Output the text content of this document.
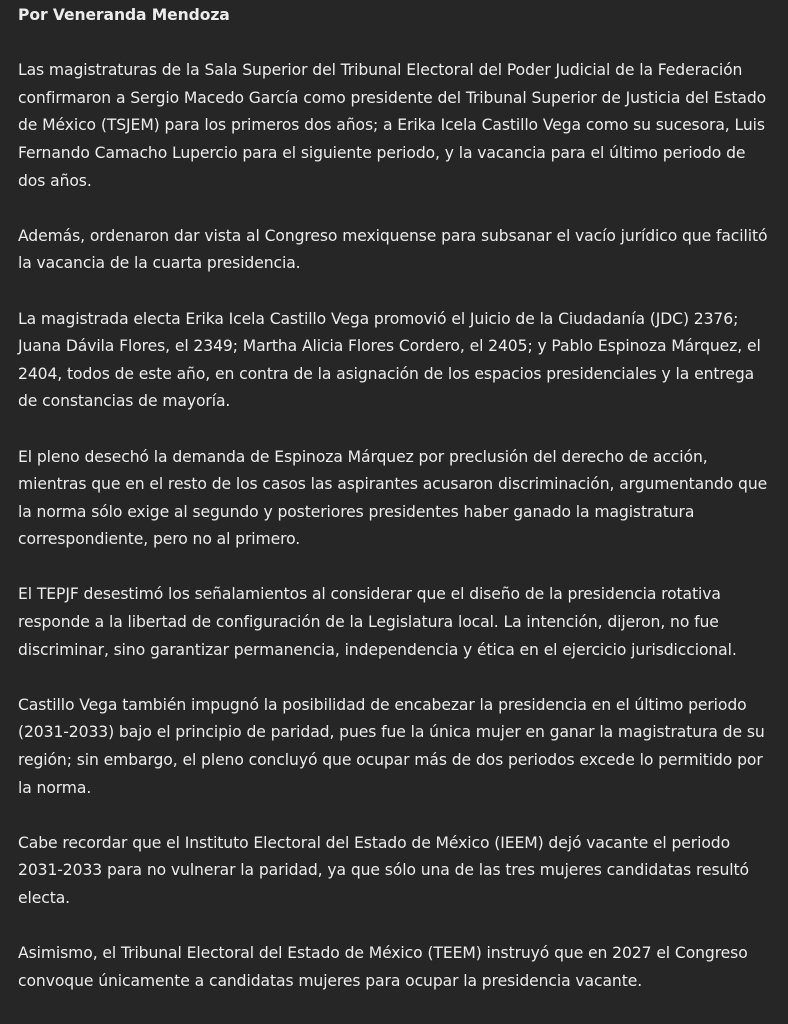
Por Veneranda Mendoza

Las magistraturas de la Sala Superior del Tribunal Electoral del Poder Judicial de la Federación confirmaron a Sergio Macedo García como presidente del Tribunal Superior de Justicia del Estado de México (TSJEM) para los primeros dos años; a Erika Icela Castillo Vega como su sucesora, Luis Fernando Camacho Lupercio para el siguiente periodo, y la vacancia para el último periodo de dos años.

Además, ordenaron dar vista al Congreso mexiquense para subsanar el vacío jurídico que facilitó la vacancia de la cuarta presidencia.

La magistrada electa Erika Icela Castillo Vega promovió el Juicio de la Ciudadanía (JDC) 2376; Juana Dávila Flores, el 2349; Martha Alicia Flores Cordero, el 2405; y Pablo Espinoza Márquez, el 2404, todos de este año, en contra de la asignación de los espacios presidenciales y la entrega de constancias de mayoría.

El pleno desechó la demanda de Espinoza Márquez por preclusión del derecho de acción, mientras que en el resto de los casos las aspirantes acusaron discriminación, argumentando que la norma sólo exige al segundo y posteriores presidentes haber ganado la magistratura correspondiente, pero no al primero.

El TEPJF desestimó los señalamientos al considerar que el diseño de la presidencia rotativa responde a la libertad de configuración de la Legislatura local. La intención, dijeron, no fue discriminar, sino garantizar permanencia, independencia y ética en el ejercicio jurisdiccional.

Castillo Vega también impugnó la posibilidad de encabezar la presidencia en el último periodo (2031-2033) bajo el principio de paridad, pues fue la única mujer en ganar la magistratura de su región; sin embargo, el pleno concluyó que ocupar más de dos periodos excede lo permitido por la norma.

Cabe recordar que el Instituto Electoral del Estado de México (IEEM) dejó vacante el periodo 2031-2033 para no vulnerar la paridad, ya que sólo una de las tres mujeres candidatas resultó electa.

Asimismo, el Tribunal Electoral del Estado de México (TEEM) instruyó que en 2027 el Congreso convoque únicamente a candidatas mujeres para ocupar la presidencia vacante.
